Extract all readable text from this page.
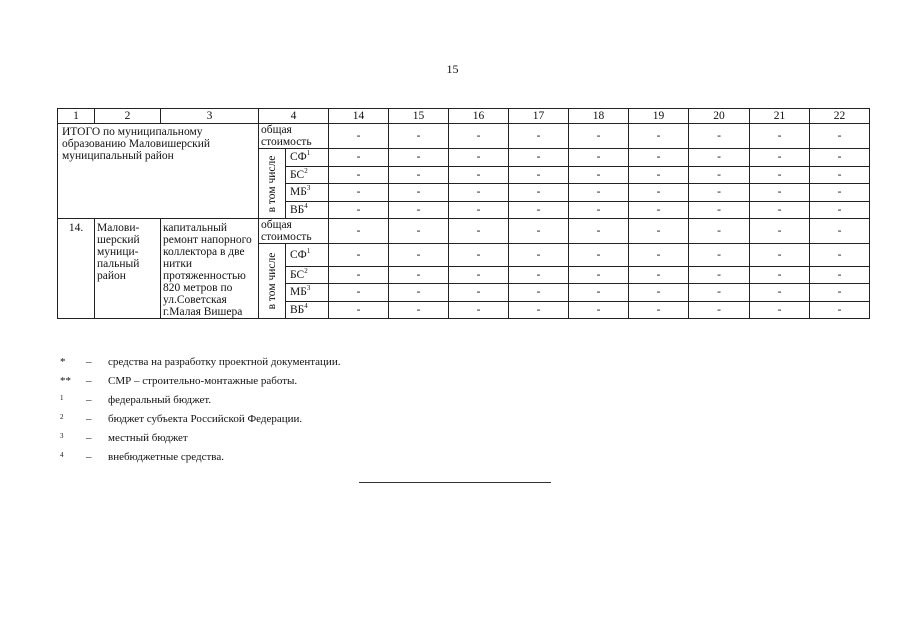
15
1	2	3	4		14	15	16	17	18	19	20	21	22
ИТОГО по муниципальному образованию Маловишерский муниципальный район			общая стоимость		-	-	-	-	-	-	-	-	-

			в том числе	$СФ^1$	-	-	-	-	-	-	-	-	-
				$БС^2$	-	-	-	-	-	-	-	-	-
				$МБ^3$	-	-	-	-	-	-	-	-	-
				$ВБ^4$	-	-	-	-	-	-	-	-	-
14.	Маловишерский муниципальный район	капитальный ремонт напорного коллектора в две нитки протяженностью 820 метров по ул.Советская г.Малая Вишера	общая стоимость		-	-	-	-	-	-	-	-	-

			в том числе	$СФ^1$	-	-	-	-	-	-	-	-	-
				$БС^2$	-	-	-	-	-	-	-	-	-
				$МБ^3$	-	-	-	-	-	-	-	-	-
				$ВБ^4$	-	-	-	-	-	-	-	-	-
*	–	средства на разработку проектной документации.
**	–	СМР – строительно-монтажные работы.
1	–	федеральный бюджет.
2	–	бюджет субъекта Российской Федерации.
3	–	местный бюджет
4	–	внебюджетные средства.
